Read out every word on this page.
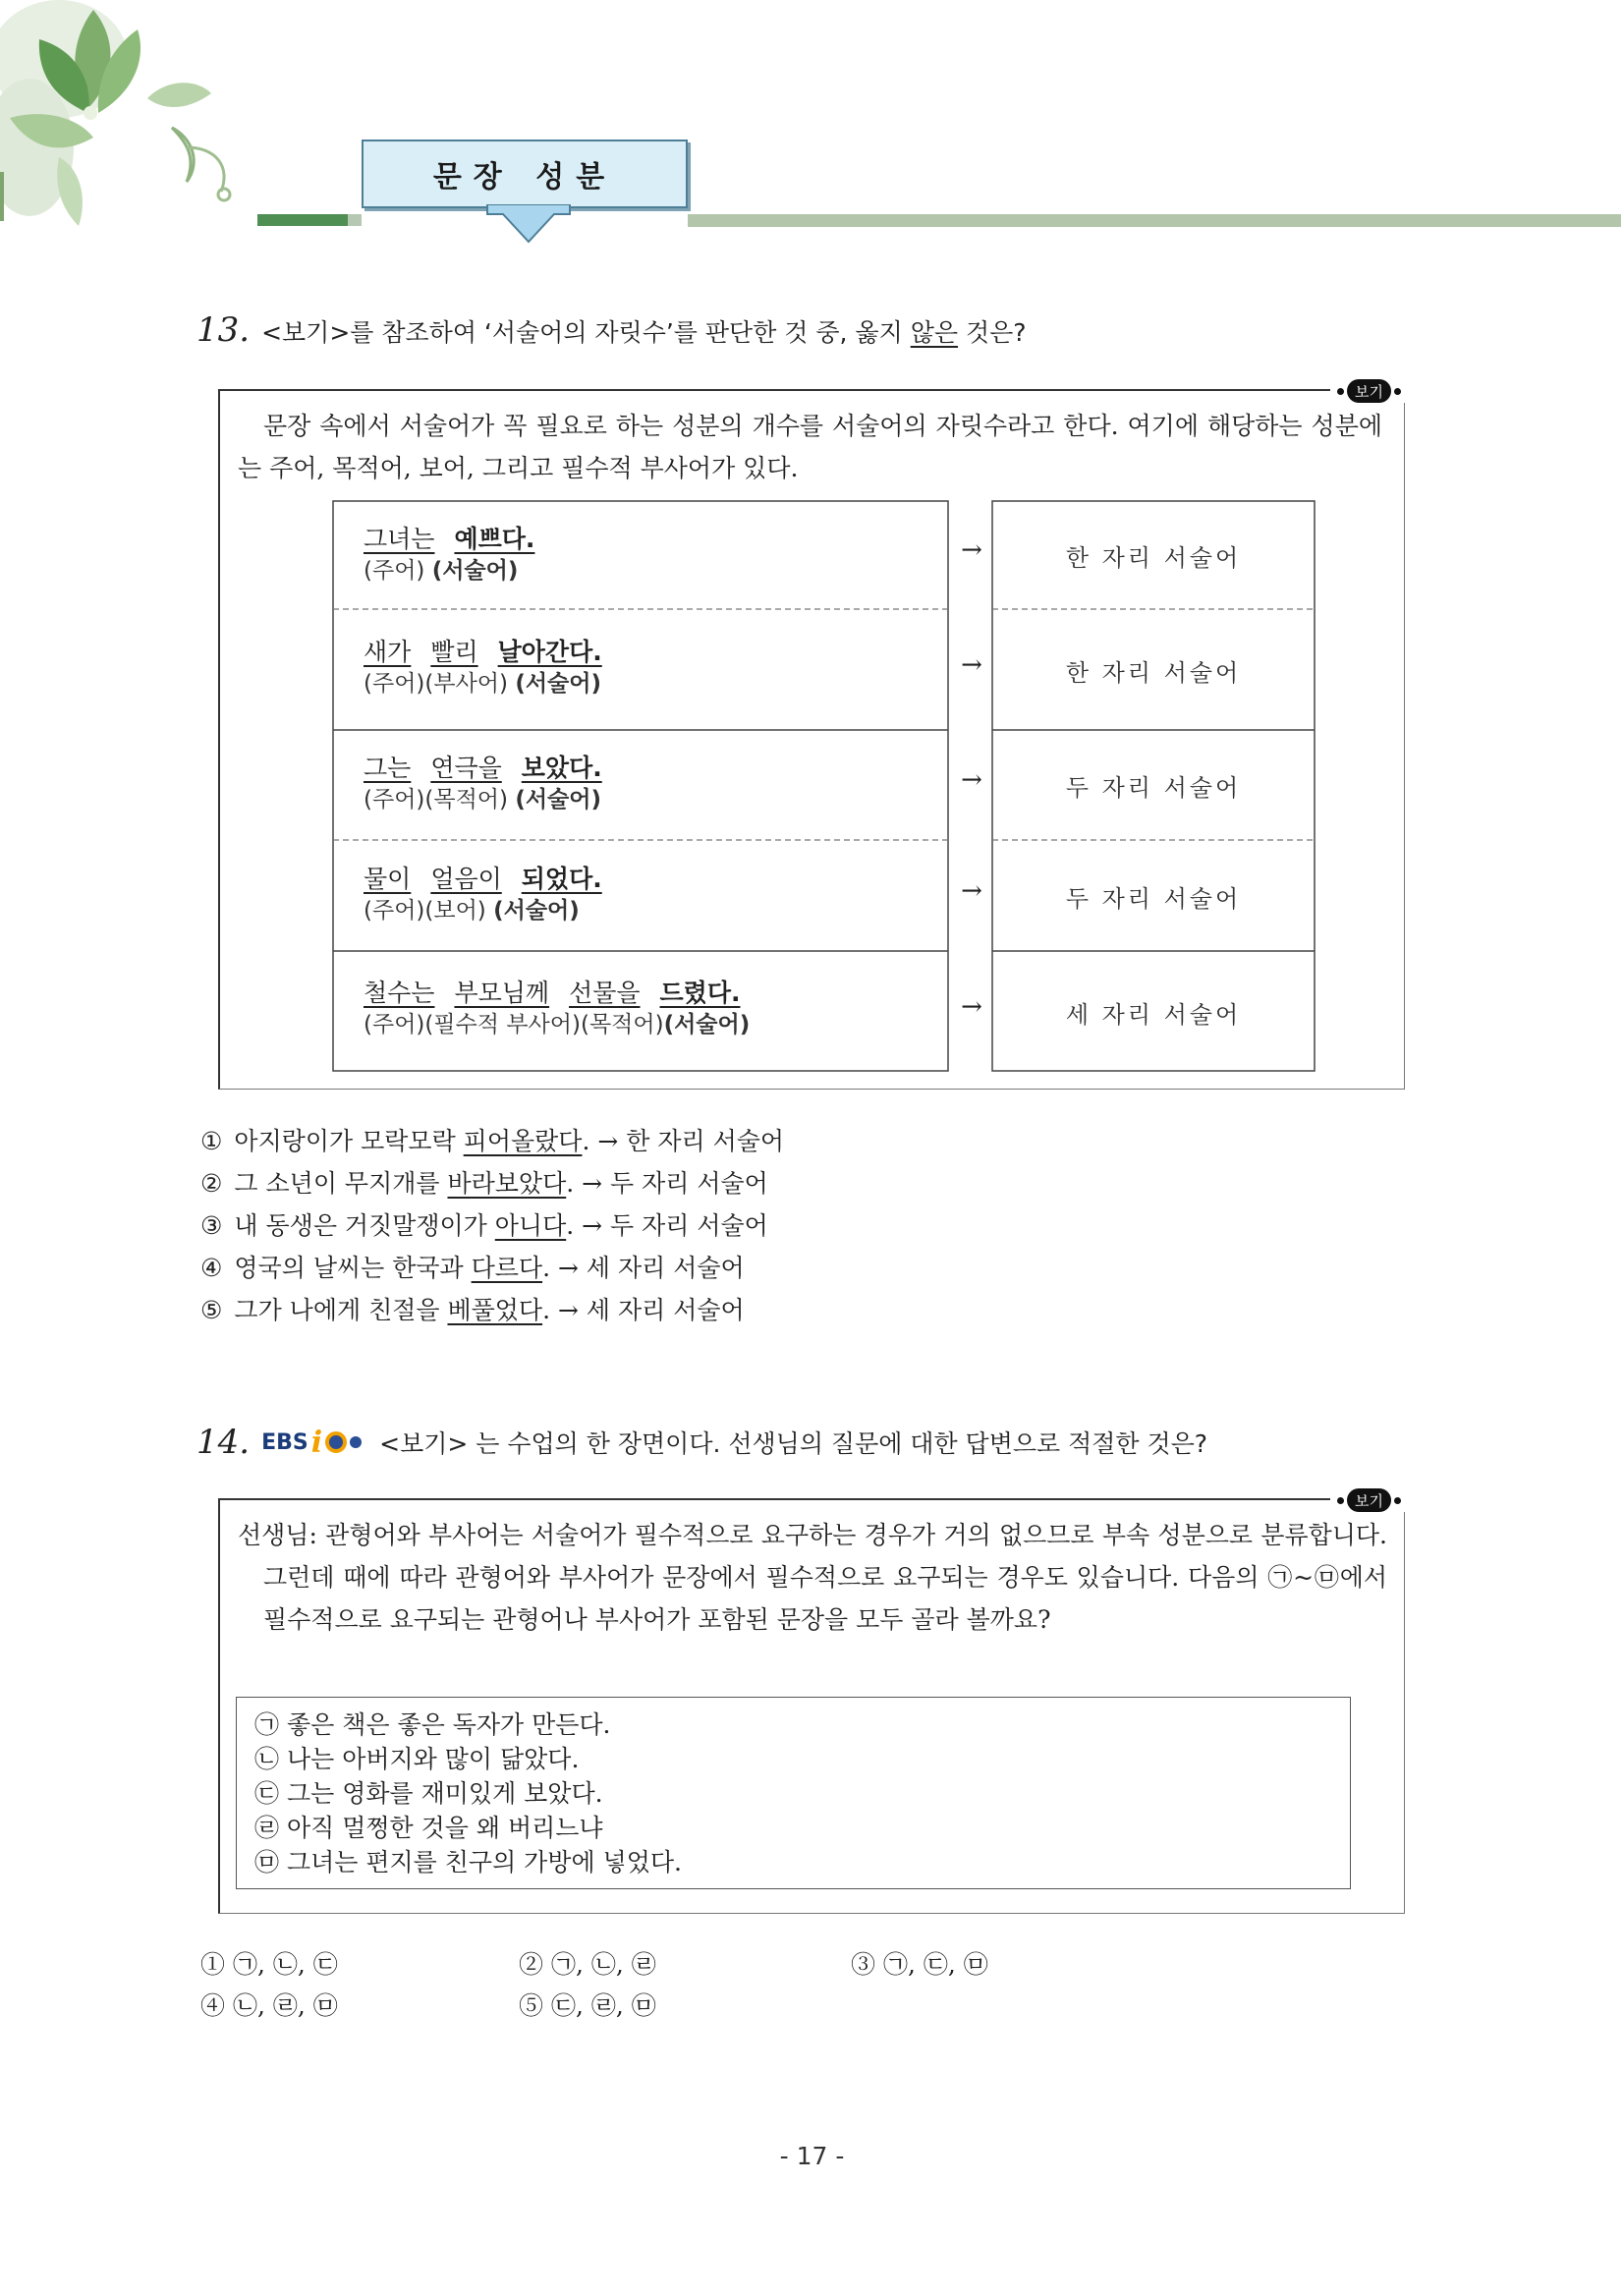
문장 성분
13. <보기>를 참조하여 ‘서술어의 자릿수’를 판단한 것 중, 옳지 않은 것은?
보기
문장 속에서 서술어가 꼭 필요로 하는 성분의 개수를 서술어의 자릿수라고 한다. 여기에 해당하는 성분에는 주어, 목적어, 보어, 그리고 필수적 부사어가 있다.
그녀는 예쁘다.
(주어) (서술어)
→	한 자리 서술어
새가 빨리 날아간다.
(주어)(부사어) (서술어)
→	한 자리 서술어
그는 연극을 보았다.
(주어)(목적어) (서술어)
→	두 자리 서술어
물이 얼음이 되었다.
(주어)(보어) (서술어)
→	두 자리 서술어
철수는 부모님께 선물을 드렸다.
(주어)(필수적 부사어)(목적어)(서술어)
→	세 자리 서술어
① 아지랑이가 모락모락 피어올랐다. → 한 자리 서술어
② 그 소년이 무지개를 바라보았다. → 두 자리 서술어
③ 내 동생은 거짓말쟁이가 아니다. → 두 자리 서술어
④ 영국의 날씨는 한국과 다르다. → 세 자리 서술어
⑤ 그가 나에게 친절을 베풀었다. → 세 자리 서술어
14. EBS i <보기> 는 수업의 한 장면이다. 선생님의 질문에 대한 답변으로 적절한 것은?
보기
선생님: 관형어와 부사어는 서술어가 필수적으로 요구하는 경우가 거의 없으므로 부속 성분으로 분류합니다. 그런데 때에 따라 관형어와 부사어가 문장에서 필수적으로 요구되는 경우도 있습니다. 다음의 ㉠~㉤에서 필수적으로 요구되는 관형어나 부사어가 포함된 문장을 모두 골라 볼까요?
㉠ 좋은 책은 좋은 독자가 만든다.
㉡ 나는 아버지와 많이 닮았다.
㉢ 그는 영화를 재미있게 보았다.
㉣ 아직 멀쩡한 것을 왜 버리느냐
㉤ 그녀는 편지를 친구의 가방에 넣었다.
① ㉠, ㉡, ㉢	② ㉠, ㉡, ㉣	③ ㉠, ㉢, ㉤
④ ㉡, ㉣, ㉤	⑤ ㉢, ㉣, ㉤
- 17 -
